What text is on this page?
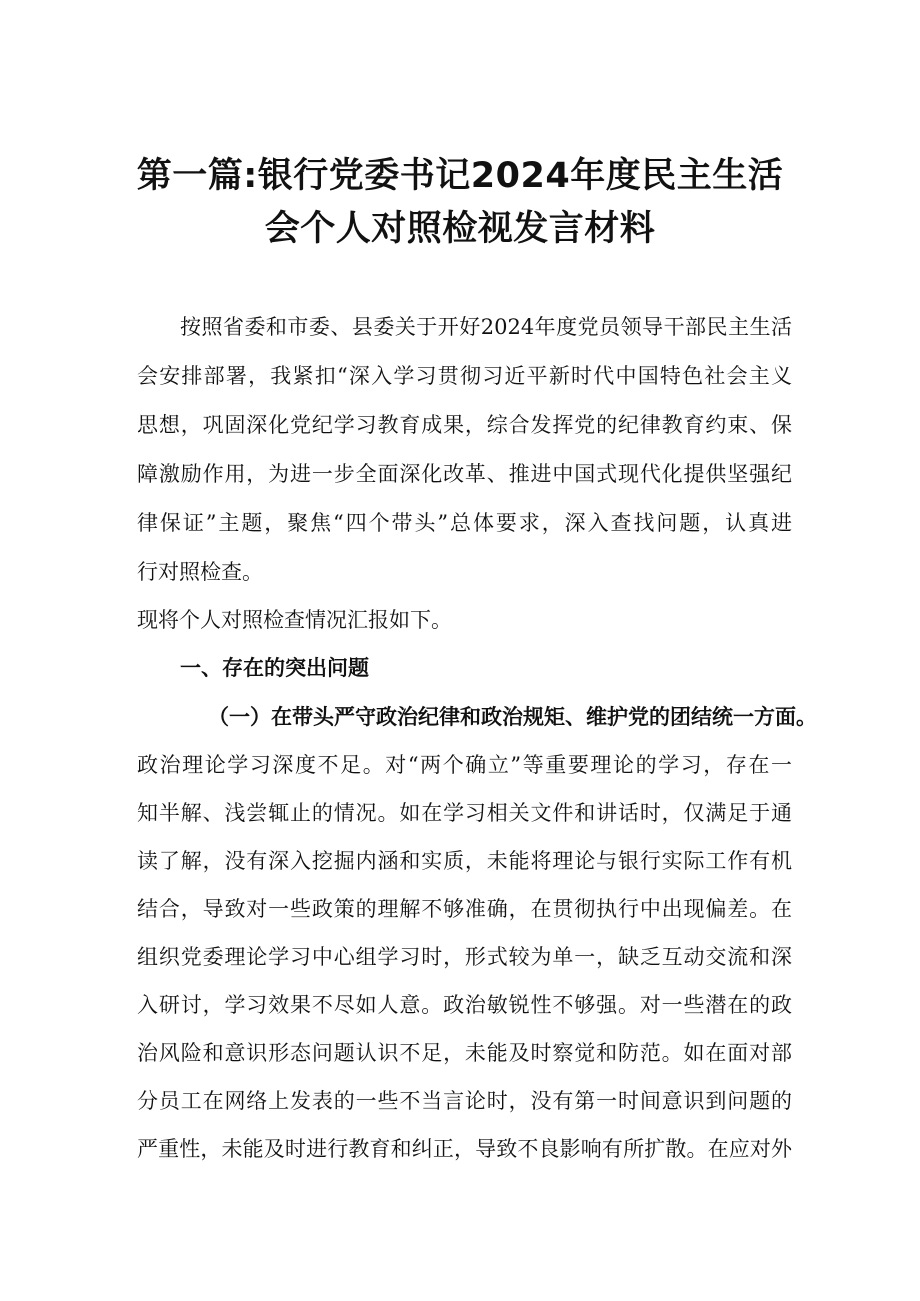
第一篇:银行党委书记2024年度民主生活
会个人对照检视发言材料
按照省委和市委、县委关于开好2024年度党员领导干部民主生活
会安排部署，我紧扣“深入学习贯彻习近平新时代中国特色社会主义
思想，巩固深化党纪学习教育成果，综合发挥党的纪律教育约束、保
障激励作用，为进一步全面深化改革、推进中国式现代化提供坚强纪
律保证”主题，聚焦“四个带头”总体要求，深入查找问题，认真进
行对照检查。
现将个人对照检查情况汇报如下。
一、存在的突出问题
（一）在带头严守政治纪律和政治规矩、维护党的团结统一方面。
政治理论学习深度不足。对“两个确立”等重要理论的学习，存在一
知半解、浅尝辄止的情况。如在学习相关文件和讲话时，仅满足于通
读了解，没有深入挖掘内涵和实质，未能将理论与银行实际工作有机
结合，导致对一些政策的理解不够准确，在贯彻执行中出现偏差。在
组织党委理论学习中心组学习时，形式较为单一，缺乏互动交流和深
入研讨，学习效果不尽如人意。政治敏锐性不够强。对一些潜在的政
治风险和意识形态问题认识不足，未能及时察觉和防范。如在面对部
分员工在网络上发表的一些不当言论时，没有第一时间意识到问题的
严重性，未能及时进行教育和纠正，导致不良影响有所扩散。在应对外
